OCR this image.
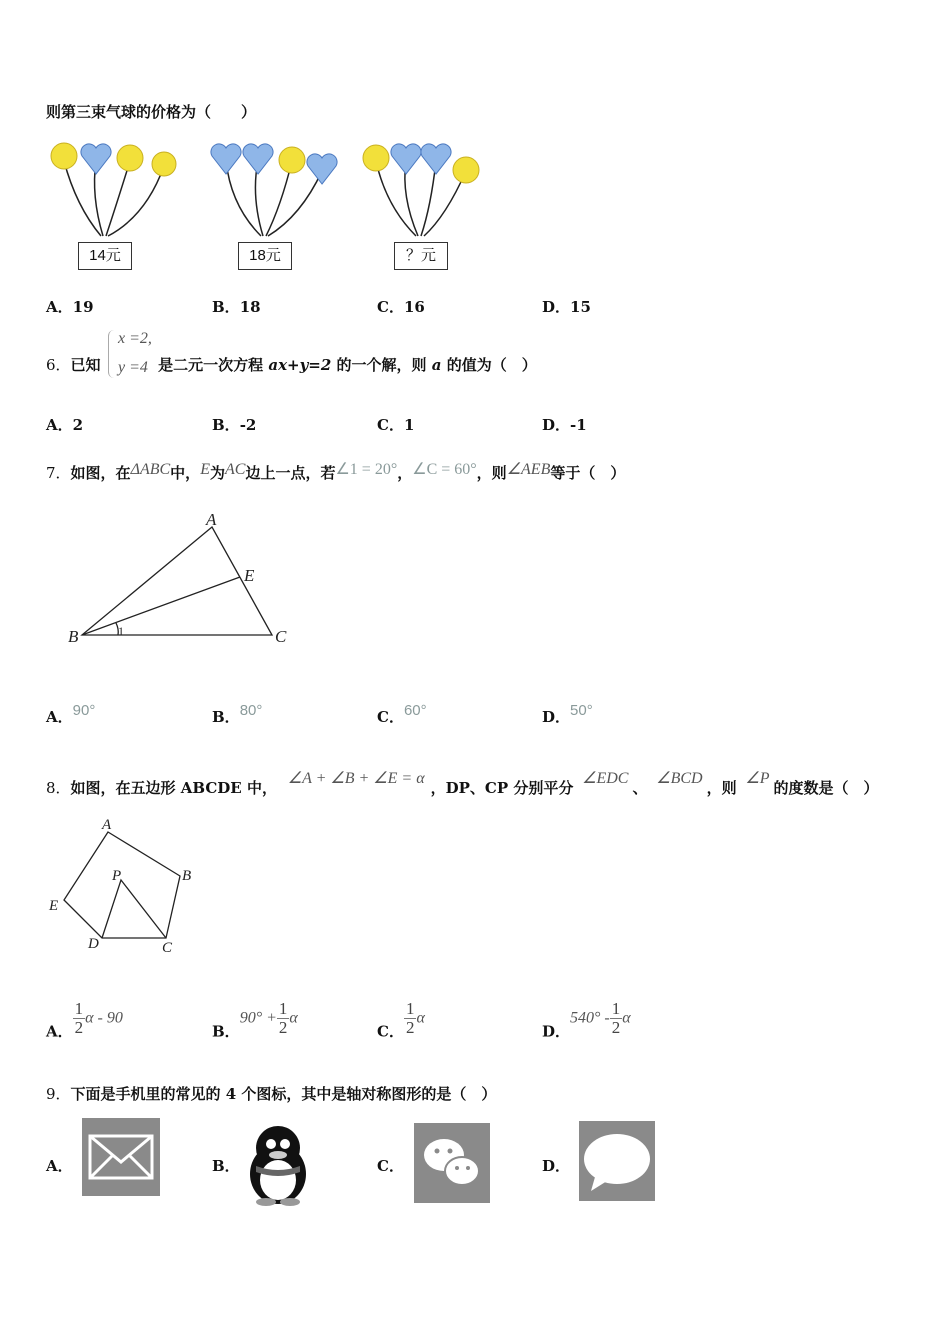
则第三束气球的价格为（　　）
14元	18元	？元
A．19	B．18	C．16	D．15
6．已知	是二元一次方程 ax+y=2 的一个解，则 a 的值为（　）
x =2,
y =4
A．2	B．-2	C．1	D．-1
7．如图，在ΔABC中，E为AC边上一点，若∠1 = 20°，∠C = 60°，则∠AEB等于（　）
A
B	C
E
1
A．90°	B．80°	C．60°	D．50°
8．如图，在五边形 ABCDE 中， ∠A + ∠B + ∠E = α，DP、CP 分别平分 ∠EDC、 ∠BCD，则 ∠P的度数是（　）
A
B
C
D
E
P
A． $\frac{1}{2}$ α - 90
B．$90^\circ + \frac{1}{2}$ α
C． $\frac{1}{2}$ α
D．$540^\circ - \frac{1}{2}$ α
9．下面是手机里的常见的 4 个图标，其中是轴对称图形的是（　）
A．	B．	C．	D．
